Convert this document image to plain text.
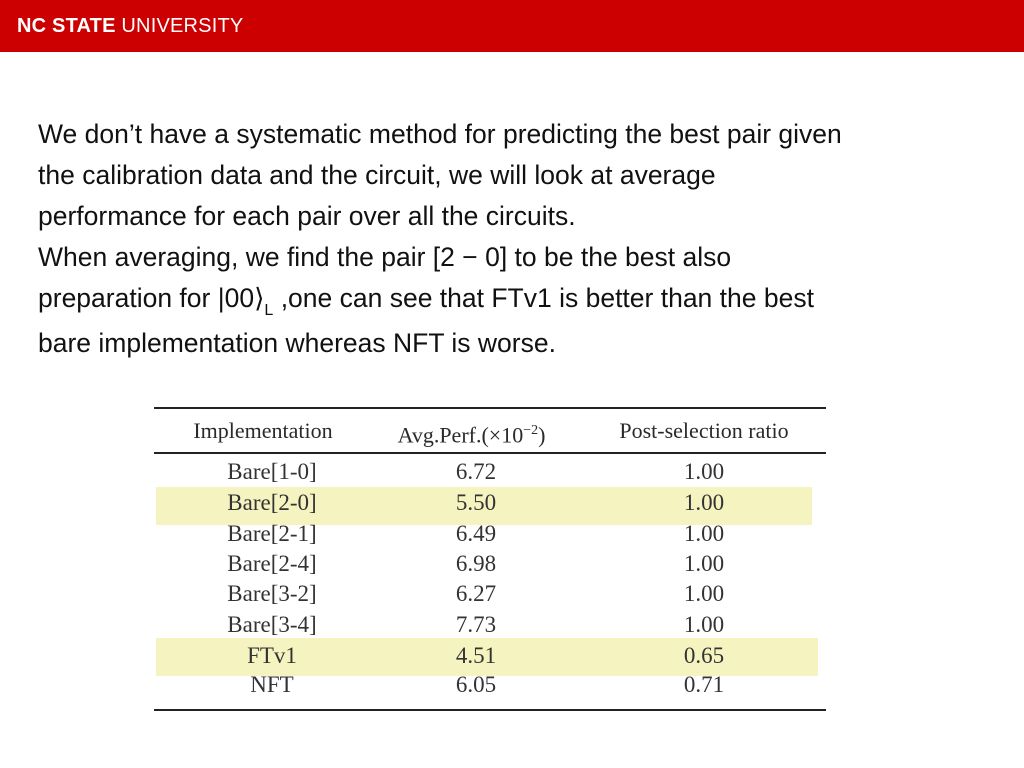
NC STATE UNIVERSITY

We don’t have a systematic method for predicting the best pair given

the calibration data and the circuit, we will look at average

performance for each pair over all the circuits.

When averaging, we find the pair [2 − 0] to be the best also

preparation for $|00⟩_L$ ,one can see that FTv1 is better than the best

bare implementation whereas NFT is worse.

Implementation	$Avg.Perf.(\times 10^{-2})$	Post-selection ratio
Bare[1-0]	6.72	1.00
Bare[2-0]	5.50	1.00
Bare[2-1]	6.49	1.00
Bare[2-4]	6.98	1.00
Bare[3-2]	6.27	1.00
Bare[3-4]	7.73	1.00
FTv1	4.51	0.65
NFT	6.05	0.71
